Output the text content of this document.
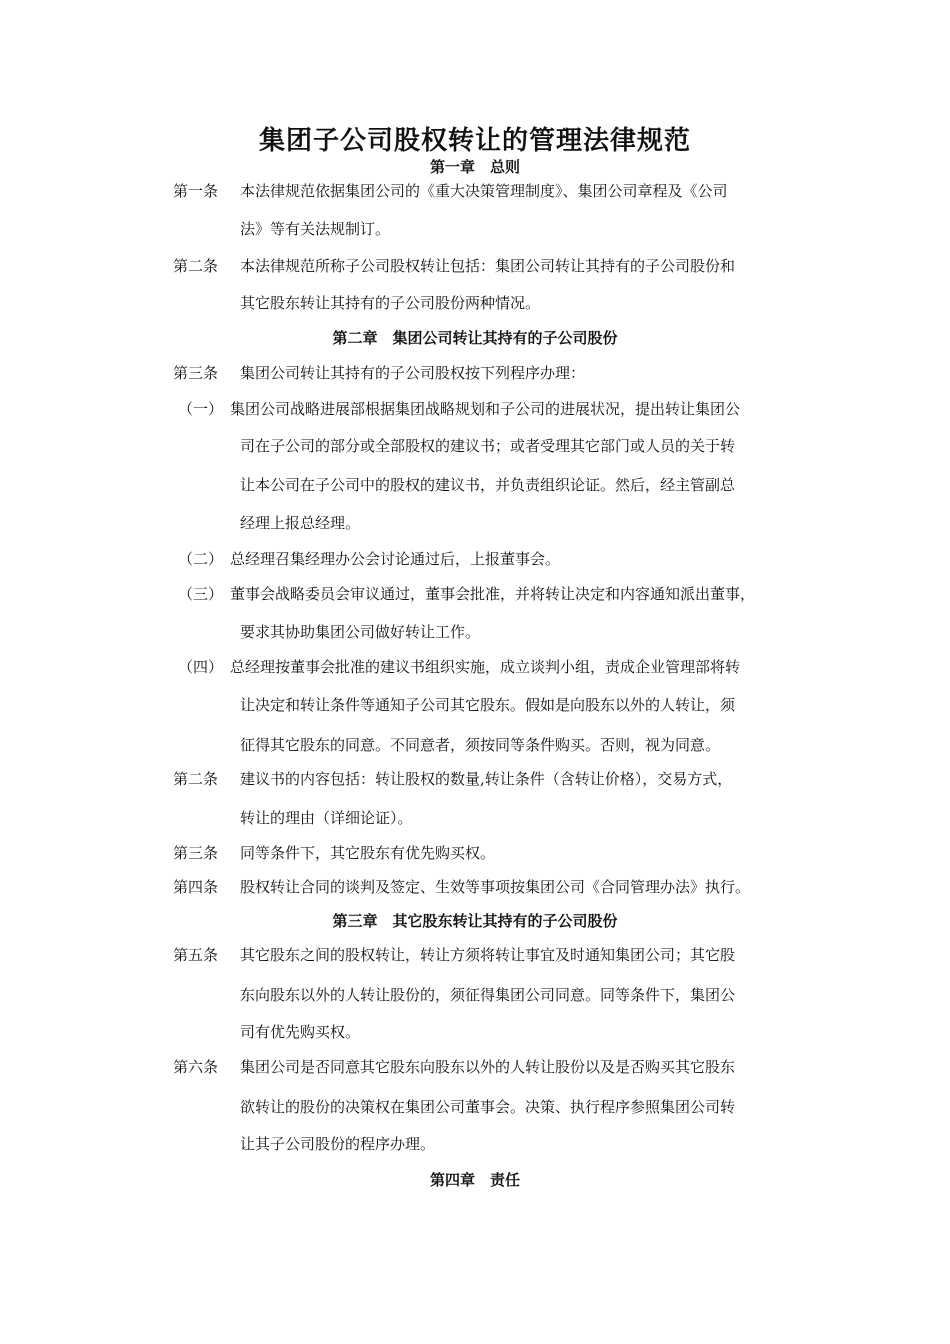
集团子公司股权转让的管理法律规范
第一章　总则
第一条 本法律规范依据集团公司的《重大决策管理制度》、集团公司章程及《公司
法》等有关法规制订。
第二条 本法律规范所称子公司股权转让包括：集团公司转让其持有的子公司股份和
其它股东转让其持有的子公司股份两种情况。
第二章　集团公司转让其持有的子公司股份
第三条 集团公司转让其持有的子公司股权按下列程序办理：
（一） 集团公司战略进展部根据集团战略规划和子公司的进展状况，提出转让集团公
司在子公司的部分或全部股权的建议书；或者受理其它部门或人员的关于转
让本公司在子公司中的股权的建议书，并负责组织论证。然后，经主管副总
经理上报总经理。
（二） 总经理召集经理办公会讨论通过后，上报董事会。
（三） 董事会战略委员会审议通过，董事会批准，并将转让决定和内容通知派出董事，
要求其协助集团公司做好转让工作。
（四） 总经理按董事会批准的建议书组织实施，成立谈判小组，责成企业管理部将转
让决定和转让条件等通知子公司其它股东。假如是向股东以外的人转让，须
征得其它股东的同意。不同意者，须按同等条件购买。否则，视为同意。
第二条 建议书的内容包括：转让股权的数量,转让条件（含转让价格），交易方式，
转让的理由（详细论证）。
第三条 同等条件下，其它股东有优先购买权。
第四条 股权转让合同的谈判及签定、生效等事项按集团公司《合同管理办法》执行。
第三章　其它股东转让其持有的子公司股份
第五条 其它股东之间的股权转让，转让方须将转让事宜及时通知集团公司；其它股
东向股东以外的人转让股份的，须征得集团公司同意。同等条件下，集团公
司有优先购买权。
第六条 集团公司是否同意其它股东向股东以外的人转让股份以及是否购买其它股东
欲转让的股份的决策权在集团公司董事会。决策、执行程序参照集团公司转
让其子公司股份的程序办理。
第四章　责任
